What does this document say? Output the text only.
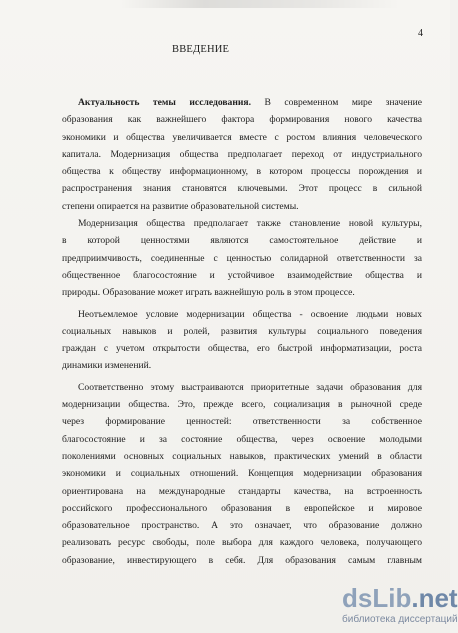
4
ВВЕДЕНИЕ
Актуальность темы исследования. В современном мире значение
образования как важнейшего фактора формирования нового качества
экономики и общества увеличивается вместе с ростом влияния человеческого
капитала. Модернизация общества предполагает переход от индустриального
общества к обществу информационному, в котором процессы порождения и
распространения знания становятся ключевыми. Этот процесс в сильной
степени опирается на развитие образовательной системы.
Модернизация общества предполагает также становление новой культуры,
в которой ценностями являются самостоятельное действие и
предприимчивость, соединенные с ценностью солидарной ответственности за
общественное благосостояние и устойчивое взаимодействие общества и
природы. Образование может играть важнейшую роль в этом процессе.
Неотъемлемое условие модернизации общества - освоение людьми новых
социальных навыков и ролей, развития культуры социального поведения
граждан с учетом открытости общества, его быстрой информатизации, роста
динамики изменений.
Соответственно этому выстраиваются приоритетные задачи образования для
модернизации общества. Это, прежде всего, социализация в рыночной среде
через формирование ценностей: ответственности за собственное
благосостояние и за состояние общества, через освоение молодыми
поколениями основных социальных навыков, практических умений в области
экономики и социальных отношений. Концепция модернизации образования
ориентирована на международные стандарты качества, на встроенность
российского профессионального образования в европейское и мировое
образовательное пространство. А это означает, что образование должно
реализовать ресурс свободы, поле выбора для каждого человека, получающего
образование, инвестирующего в себя. Для образования самым главным
dsLib.net
библиотека диссертаций
